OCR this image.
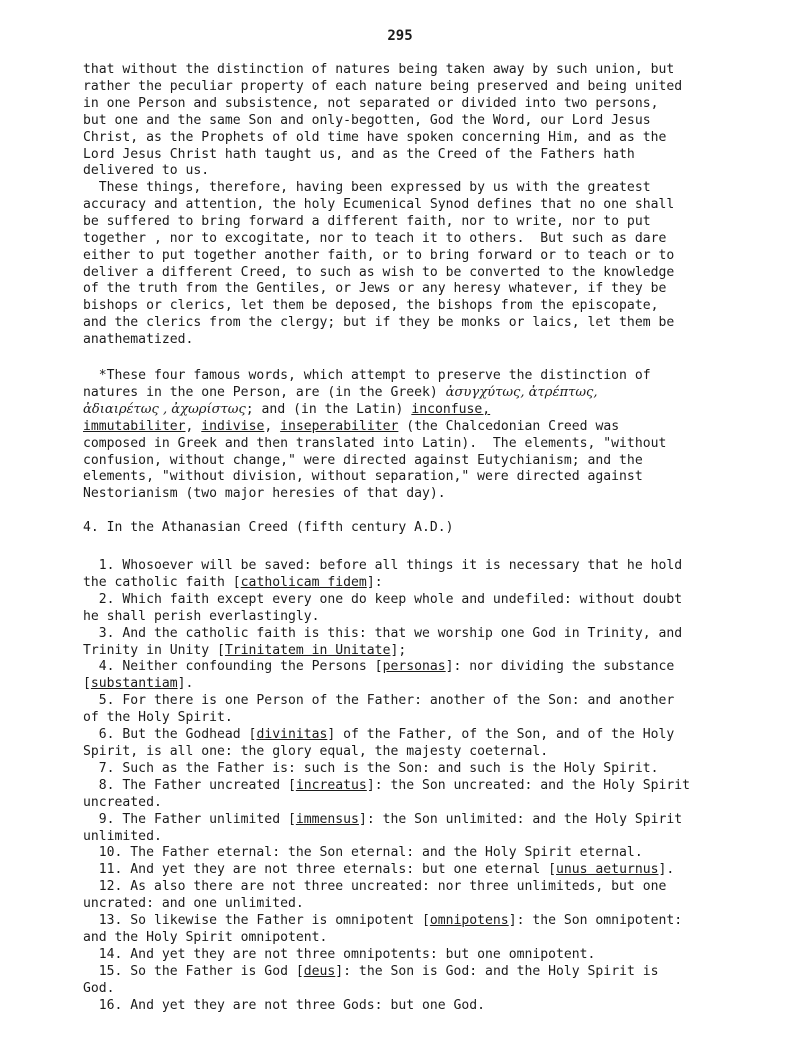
295
that without the distinction of natures being taken away by such union, but
rather the peculiar property of each nature being preserved and being united
in one Person and subsistence, not separated or divided into two persons,
but one and the same Son and only-begotten, God the Word, our Lord Jesus
Christ, as the Prophets of old time have spoken concerning Him, and as the
Lord Jesus Christ hath taught us, and as the Creed of the Fathers hath
delivered to us.
These things, therefore, having been expressed by us with the greatest
accuracy and attention, the holy Ecumenical Synod defines that no one shall
be suffered to bring forward a different faith, nor to write, nor to put
together , nor to excogitate, nor to teach it to others.  But such as dare
either to put together another faith, or to bring forward or to teach or to
deliver a different Creed, to such as wish to be converted to the knowledge
of the truth from the Gentiles, or Jews or any heresy whatever, if they be
bishops or clerics, let them be deposed, the bishops from the episcopate,
and the clerics from the clergy; but if they be monks or laics, let them be
anathematized.
*These four famous words, which attempt to preserve the distinction of
natures in the one Person, are (in the Greek) ἀσυγχύτως, ἀτρέπτως,
ἀδιαιρέτως , ἀχωρίστως; and (in the Latin) inconfuse,
immutabiliter, indivise, inseperabiliter (the Chalcedonian Creed was
composed in Greek and then translated into Latin).  The elements, "without
confusion, without change," were directed against Eutychianism; and the
elements, "without division, without separation," were directed against
Nestorianism (two major heresies of that day).
4. In the Athanasian Creed (fifth century A.D.)
1. Whosoever will be saved: before all things it is necessary that he hold
the catholic faith [catholicam fidem]:
2. Which faith except every one do keep whole and undefiled: without doubt
he shall perish everlastingly.
3. And the catholic faith is this: that we worship one God in Trinity, and
Trinity in Unity [Trinitatem in Unitate];
4. Neither confounding the Persons [personas]: nor dividing the substance
[substantiam].
5. For there is one Person of the Father: another of the Son: and another
of the Holy Spirit.
6. But the Godhead [divinitas] of the Father, of the Son, and of the Holy
Spirit, is all one: the glory equal, the majesty coeternal.
7. Such as the Father is: such is the Son: and such is the Holy Spirit.
8. The Father uncreated [increatus]: the Son uncreated: and the Holy Spirit
uncreated.
9. The Father unlimited [immensus]: the Son unlimited: and the Holy Spirit
unlimited.
10. The Father eternal: the Son eternal: and the Holy Spirit eternal.
11. And yet they are not three eternals: but one eternal [unus aeturnus].
12. As also there are not three uncreated: nor three unlimiteds, but one
uncrated: and one unlimited.
13. So likewise the Father is omnipotent [omnipotens]: the Son omnipotent:
and the Holy Spirit omnipotent.
14. And yet they are not three omnipotents: but one omnipotent.
15. So the Father is God [deus]: the Son is God: and the Holy Spirit is
God.
16. And yet they are not three Gods: but one God.
